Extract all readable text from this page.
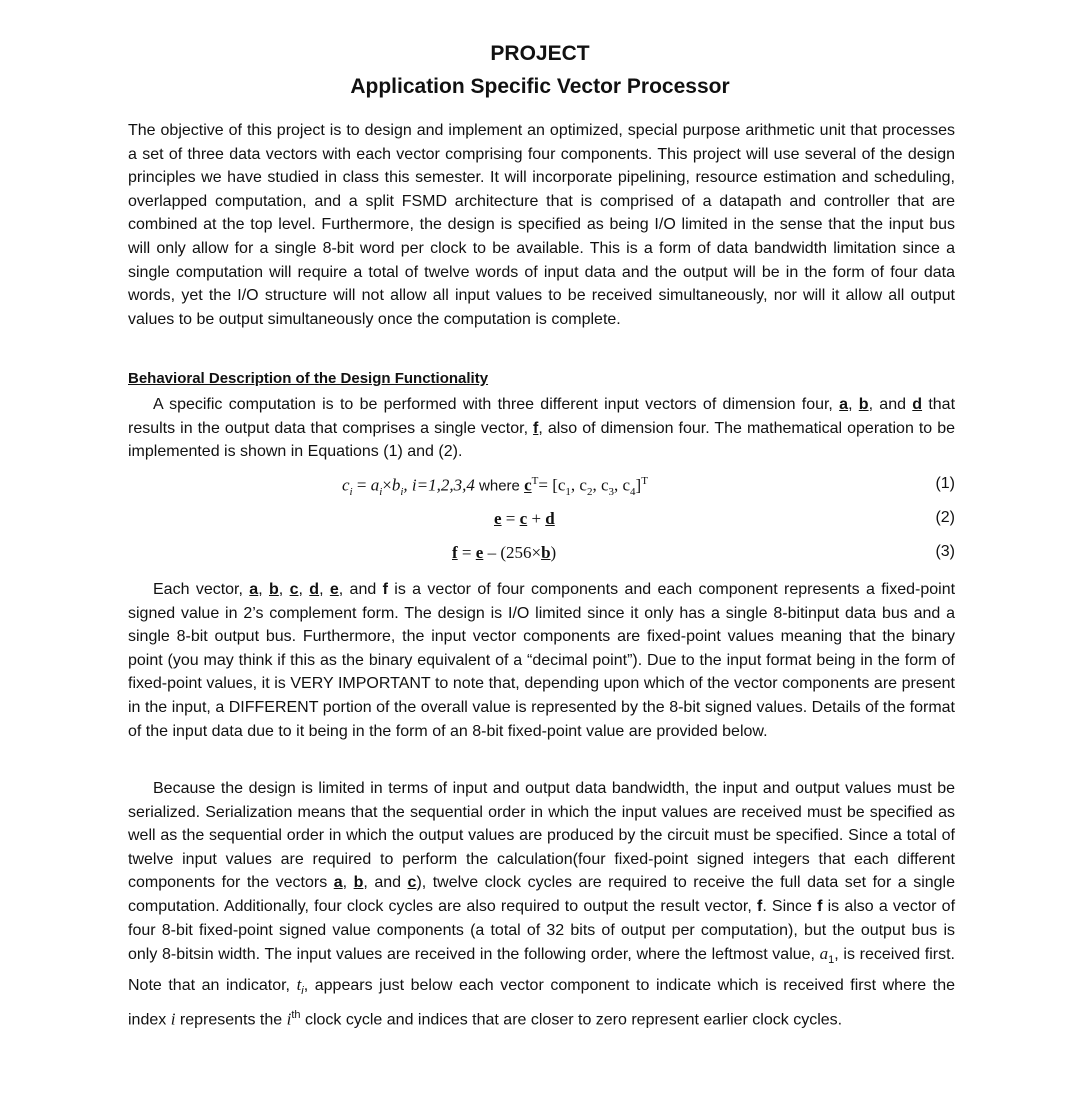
PROJECT
Application Specific Vector Processor

The objective of this project is to design and implement an optimized, special purpose arithmetic unit that processes a set of three data vectors with each vector comprising four components. This project will use several of the design principles we have studied in class this semester. It will incorporate pipelining, resource estimation and scheduling, overlapped computation, and a split FSMD architecture that is comprised of a datapath and controller that are combined at the top level. Furthermore, the design is specified as being I/O limited in the sense that the input bus will only allow for a single 8-bit word per clock to be available. This is a form of data bandwidth limitation since a single computation will require a total of twelve words of input data and the output will be in the form of four data words, yet the I/O structure will not allow all input values to be received simultaneously, nor will it allow all output values to be output simultaneously once the computation is complete.

Behavioral Description of the Design Functionality

A specific computation is to be performed with three different input vectors of dimension four, a, b, and d that results in the output data that comprises a single vector, f, also of dimension four. The mathematical operation to be implemented is shown in Equations (1) and (2).

$c_i = a_i\times b_i$, i=1,2,3,4 where $c^T= [c_1$, $c_2$, $c_3$, $c_4]^T$	(1)
e = c + d	(2)
f = e – (256×b)	(3)

Each vector, a, b, c, d, e, and f is a vector of four components and each component represents a fixed-point signed value in 2’s complement form. The design is I/O limited since it only has a single 8-bitinput data bus and a single 8-bit output bus. Furthermore, the input vector components are fixed-point values meaning that the binary point (you may think if this as the binary equivalent of a “decimal point”). Due to the input format being in the form of fixed-point values, it is VERY IMPORTANT to note that, depending upon which of the vector components are present in the input, a DIFFERENT portion of the overall value is represented by the 8-bit signed values. Details of the format of the input data due to it being in the form of an 8-bit fixed-point value are provided below.

Because the design is limited in terms of input and output data bandwidth, the input and output values must be serialized. Serialization means that the sequential order in which the input values are received must be specified as well as the sequential order in which the output values are produced by the circuit must be specified. Since a total of twelve input values are required to perform the calculation(four fixed-point signed integers that each different components for the vectors a, b, and c), twelve clock cycles are required to receive the full data set for a single computation. Additionally, four clock cycles are also required to output the result vector, f. Since f is also a vector of four 8-bit fixed-point signed value components (a total of 32 bits of output per computation), but the output bus is only 8-bitsin width. The input values are received in the following order, where the leftmost value, $a_1$, is received first. Note that an indicator, $t_i$, appears just below each vector component to indicate which is received first where the index i represents the $i^{th}$ clock cycle and indices that are closer to zero represent earlier clock cycles.
